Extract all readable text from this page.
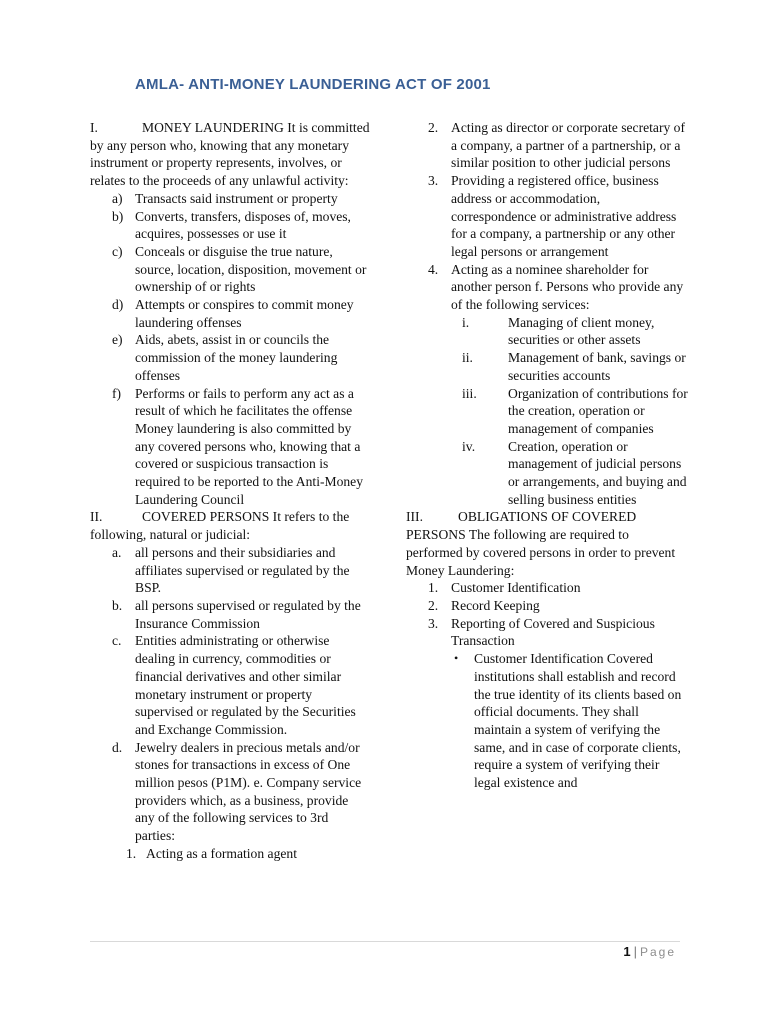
AMLA- ANTI-MONEY LAUNDERING ACT OF 2001

I.	MONEY LAUNDERING It is committed by any person who, knowing that any monetary instrument or property represents, involves, or relates to the proceeds of any unlawful activity:

a) Transacts said instrument or property
b) Converts, transfers, disposes of, moves, acquires, possesses or use it
c) Conceals or disguise the true nature, source, location, disposition, movement or ownership of or rights
d) Attempts or conspires to commit money laundering offenses
e) Aids, abets, assist in or councils the commission of the money laundering offenses
f)	Performs or fails to perform any act as a result of which he facilitates the offense Money laundering is also committed by any covered persons who, knowing that a covered or suspicious transaction is required to be reported to the Anti-Money Laundering Council

II.	COVERED PERSONS It refers to the following, natural or judicial:

a. all persons and their subsidiaries and affiliates supervised or regulated by the BSP.
b. all persons supervised or regulated by the Insurance Commission
c. Entities administrating or otherwise dealing in currency, commodities or financial derivatives and other similar monetary instrument or property supervised or regulated by the Securities and Exchange Commission.
d. Jewelry dealers in precious metals and/or stones for transactions in excess of One million pesos (P1M). e. Company service providers which, as a business, provide any of the following services to 3rd parties:
1. Acting as a formation agent
2. Acting as director or corporate secretary of a company, a partner of a partnership, or a similar position to other judicial persons
3. Providing a registered office, business address or accommodation, correspondence or administrative address for a company, a partnership or any other legal persons or arrangement
4. Acting as a nominee shareholder for another person f. Persons who provide any of the following services:
i.	Managing of client money, securities or other assets
ii.	Management of bank, savings or securities accounts
iii.	Organization of contributions for the creation, operation or management of companies
iv.	Creation, operation or management of judicial persons or arrangements, and buying and selling business entities

III.	OBLIGATIONS OF COVERED PERSONS The following are required to performed by covered persons in order to prevent Money Laundering:

1. Customer Identification
2. Record Keeping
3. Reporting of Covered and Suspicious Transaction
•	Customer Identification Covered institutions shall establish and record the true identity of its clients based on official documents. They shall maintain a system of verifying the same, and in case of corporate clients, require a system of verifying their legal existence and
1 | Page
